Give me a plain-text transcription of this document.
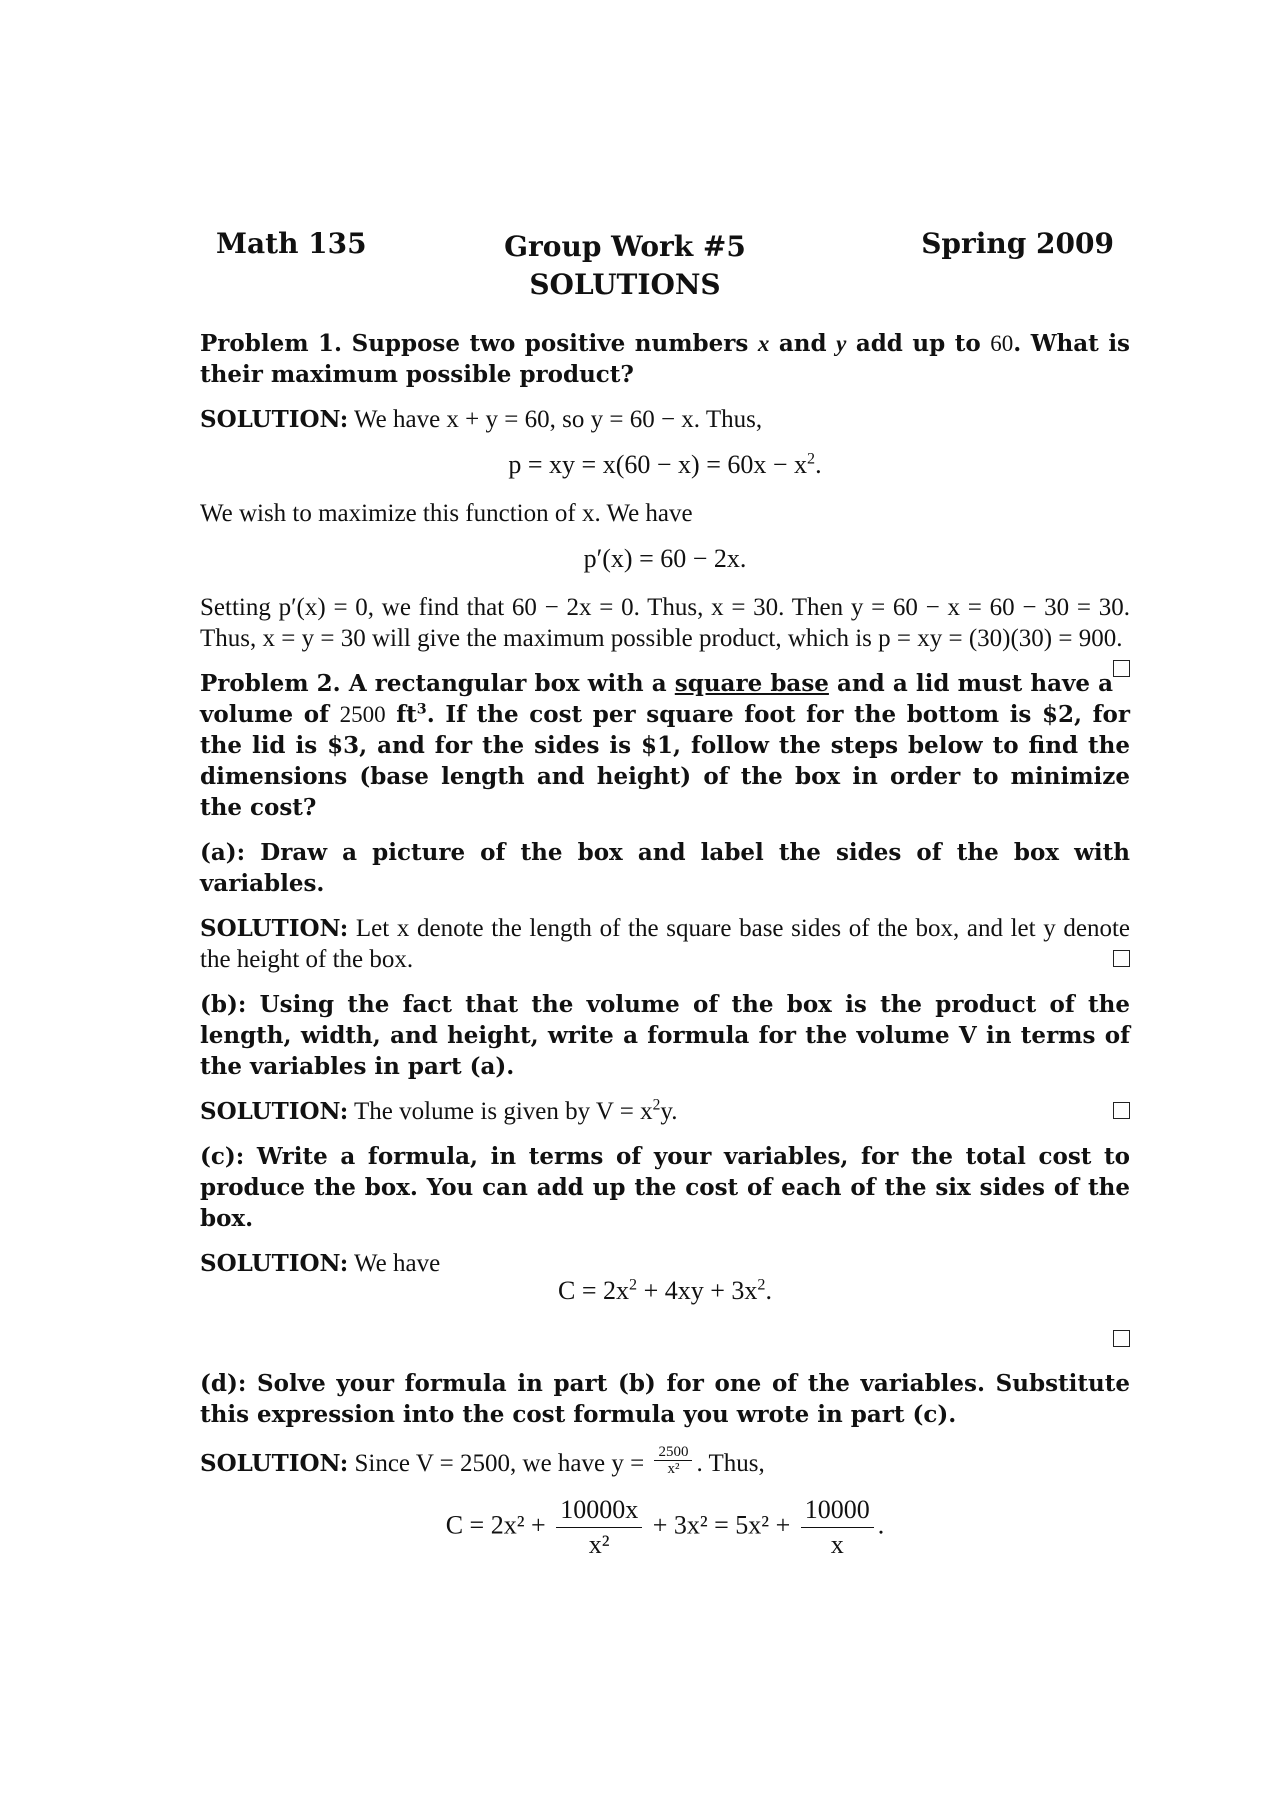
Math 135	Group Work #5
SOLUTIONS
Spring 2009

Problem 1. Suppose two positive numbers x and y add up to 60. What is their maximum possible product?

SOLUTION: We have x + y = 60, so y = 60 − x. Thus,

p = xy = $x(60 - x) = 60x - x^2$.

We wish to maximize this function of x. We have

p′(x) = 60 − 2x.

Setting p′(x) = 0, we find that 60 − 2x = 0. Thus, x = 30. Then y = 60 − x = 60 − 30 = 30. Thus, x = y = 30 will give the maximum possible product, which is p = xy = (30)(30) = 900.

Problem 2. A rectangular box with a square base and a lid must have a volume of 2500 $ft^3$. If the cost per square foot for the bottom is $2, for the lid is $3, and for the sides is $1, follow the steps below to find the dimensions (base length and height) of the box in order to minimize the cost?

(a): Draw a picture of the box and label the sides of the box with variables.

SOLUTION: Let x denote the length of the square base sides of the box, and let y denote the height of the box.

(b): Using the fact that the volume of the box is the product of the length, width, and height, write a formula for the volume V in terms of the variables in part (a).

SOLUTION: The volume is given by $V = x^2y$.

(c): Write a formula, in terms of your variables, for the total cost to produce the box. You can add up the cost of each of the six sides of the box.

SOLUTION: We have

$C = 2x^2 + 4xy + 3x^2$.

(d): Solve your formula in part (b) for one of the variables. Substitute this expression into the cost formula you wrote in part (c).

SOLUTION: Since V = 2500, we have $y = \frac{2500}{\text{x²}}$ . Thus,

$C = 2x^2 + \frac{10000x}{\text{x²}} + 3x^2 = 5x^2 + \frac{10000}{x}$ .
